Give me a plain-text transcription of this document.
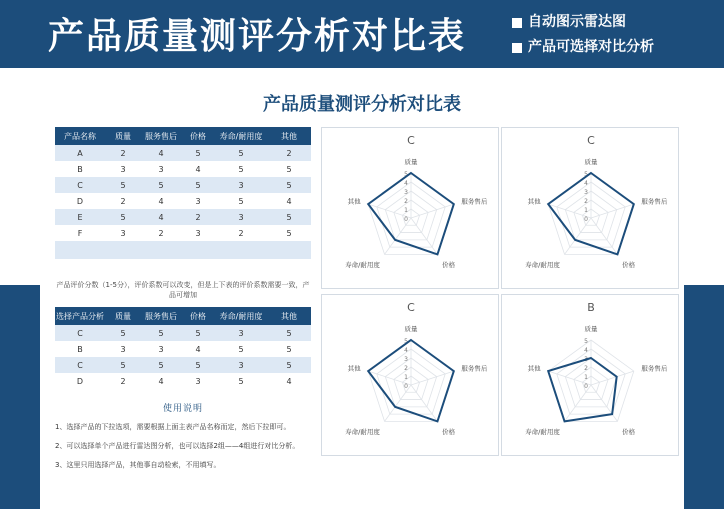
产品质量测评分析对比表	自动图示雷达图
产品可选择对比分析
产品质量测评分析对比表
产品名称	质量	服务售后	价格	寿命/耐用度	其他
A	2	4	5	5	2
B	3	3	4	5	5
C	5	5	5	3	5
D	2	4	3	5	4
E	5	4	2	3	5
F	3	2	3	2	5

产品评价分数（1-5分），评价系数可以改变，但是上下表的评价系数需要一致，产品可增加
选择产品分析	质量	服务售后	价格	寿命/耐用度	其他
C	5	5	5	3	5
B	3	3	4	5	5
C	5	5	5	3	5
D	2	4	3	5	4
使用说明
1、选择产品的下拉选项，需要根据上面主表产品名称而定，然后下拉即可。
2、可以选择单个产品进行雷达图分析，也可以选择2组——4组进行对比分析。
3、这里只用选择产品，其他事自动检索，不用填写。
C
5
4
3
2
1
0
质量
服务售后
价格
寿命/耐用度
其他
C
5
4
3
2
1
0
质量
服务售后
价格
寿命/耐用度
其他
C
5
4
3
2
1
0
质量
服务售后
价格
寿命/耐用度
其他
B
5
4
3
2
1
0
质量
服务售后
价格
寿命/耐用度
其他
